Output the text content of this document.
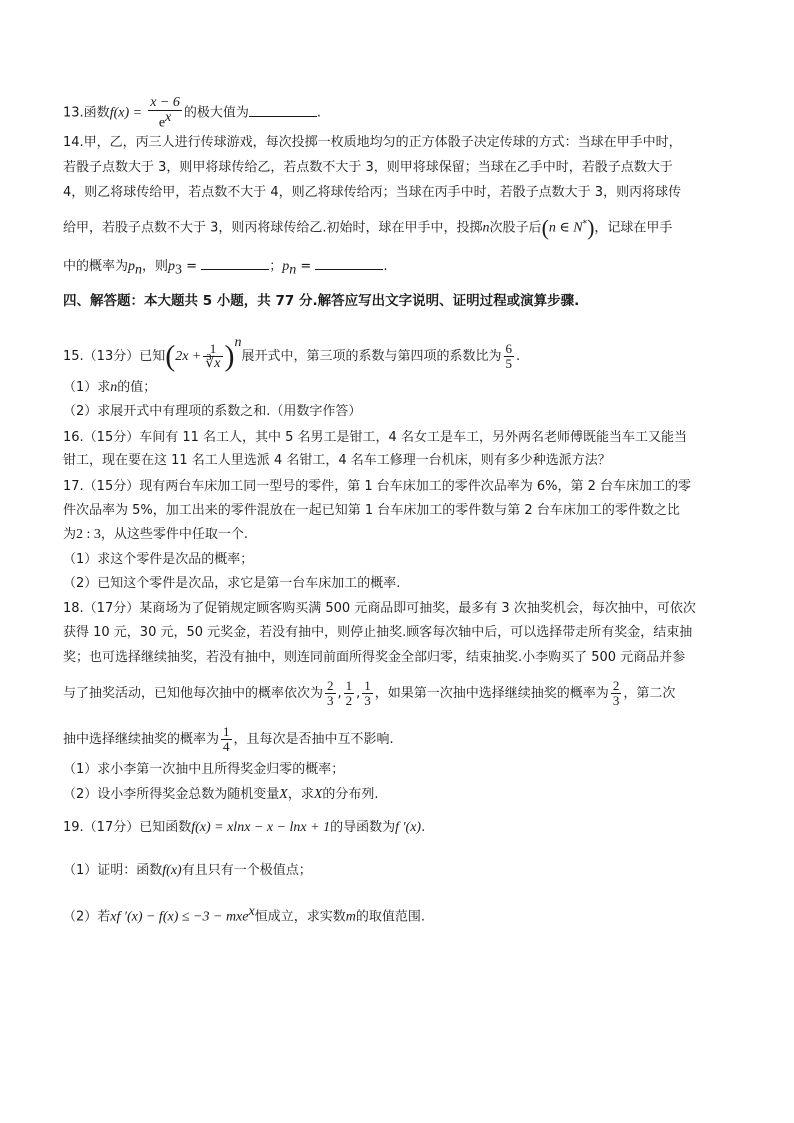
13.函数$f(x) = \frac{x - 6}{e^x}$ 的极大值为	.
14.甲，乙，丙三人进行传球游戏，每次投掷一枚质地均匀的正方体骰子决定传球的方式：当球在甲手中时，
若骰子点数大于 3，则甲将球传给乙，若点数不大于 3，则甲将球保留；当球在乙手中时，若骰子点数大于
4，则乙将球传给甲，若点数不大于 4，则乙将球传给丙；当球在丙手中时，若骰子点数大于 3，则丙将球传
给甲，若股子点数不大于 3，则丙将球传给乙.初始时，球在甲手中，投掷n次股子后(n ∈ N*)，记球在甲手
中的概率为$p_n$，则$p_3$ =	；$p_n$ =	.
四、解答题：本大题共 5 小题，共 77 分.解答应写出文字说明、证明过程或演算步骤.
15.（13分）已知$(2x + \frac{1}{∛x} )^n$展开式中，第三项的系数与第四项的系数比为 $\frac{6}{5}$ .
（1）求n的值；
（2）求展开式中有理项的系数之和.（用数字作答）
16.（15分）车间有 11 名工人，其中 5 名男工是钳工，4 名女工是车工，另外两名老师傅既能当车工又能当
钳工，现在要在这 11 名工人里选派 4 名钳工，4 名车工修理一台机床，则有多少种选派方法？
17.（15分）现有两台车床加工同一型号的零件，第 1 台车床加工的零件次品率为 6%，第 2 台车床加工的零
件次品率为 5%，加工出来的零件混放在一起已知第 1 台车床加工的零件数与第 2 台车床加工的零件数之比
为2 : 3，从这些零件中任取一个.
（1）求这个零件是次品的概率；
（2）已知这个零件是次品，求它是第一台车床加工的概率.
18.（17分）某商场为了促销规定顾客购买满 500 元商品即可抽奖，最多有 3 次抽奖机会，每次抽中，可依次
获得 10 元，30 元，50 元奖金，若没有抽中，则停止抽奖.顾客每次轴中后，可以选择带走所有奖金，结束抽
奖；也可选择继续抽奖，若没有抽中，则连同前面所得奖金全部归零，结束抽奖.小李购买了 500 元商品并参
与了抽奖活动，已知他每次抽中的概率依次为 $\frac{2}{3}$ , $\frac{1}{2}$ , $\frac{1}{3}$ ，如果第一次抽中选择继续抽奖的概率为 $\frac{2}{3}$ ，第二次
抽中选择继续抽奖的概率为 $\frac{1}{4}$ ，且每次是否抽中互不影响.
（1）求小李第一次抽中且所得奖金归零的概率；
（2）设小李所得奖金总数为随机变量X，求X的分布列.
19.（17分）已知函数f(x) = xlnx − x − lnx + 1的导函数为f ′(x).
（1）证明：函数f(x)有且只有一个极值点；
（2）若xf ′(x) − f(x) ≤ −3 − mxe$^x$恒成立，求实数m的取值范围.
